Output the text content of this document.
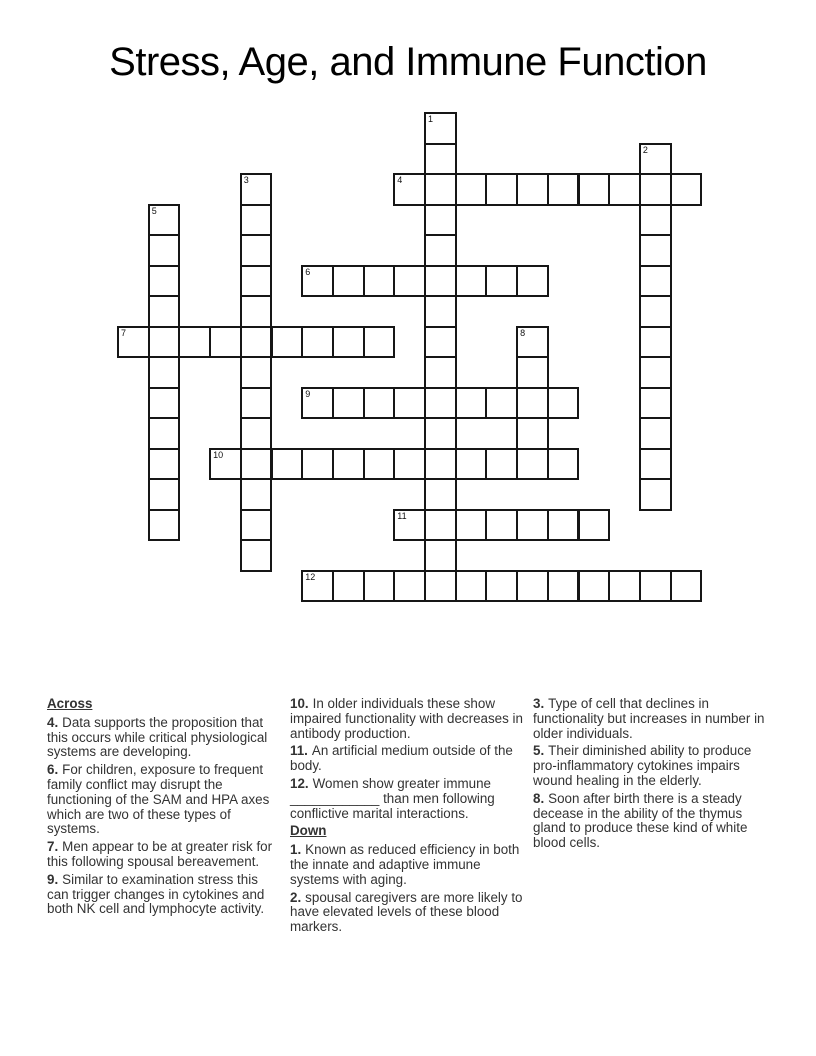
Stress, Age, and Immune Function
1
2
3	4
5
6
7	8
9
10
11
12
Across

4. Data supports the proposition that this occurs while critical physiological systems are developing.

6. For children, exposure to frequent family conflict may disrupt the functioning of the SAM and HPA axes which are two of these types of systems.

7. Men appear to be at greater risk for this following spousal bereavement.

9. Similar to examination stress this can trigger changes in cytokines and both NK cell and lymphocyte activity.

10. In older individuals these show impaired functionality with decreases in antibody production.

11. An artificial medium outside of the body.

12. Women show greater immune ____________ than men following conflictive marital interactions.

Down

1. Known as reduced efficiency in both the innate and adaptive immune systems with aging.

2. spousal caregivers are more likely to have elevated levels of these blood markers.

3. Type of cell that declines in functionality but increases in number in older individuals.

5. Their diminished ability to produce pro-inflammatory cytokines impairs wound healing in the elderly.

8. Soon after birth there is a steady decease in the ability of the thymus gland to produce these kind of white blood cells.
